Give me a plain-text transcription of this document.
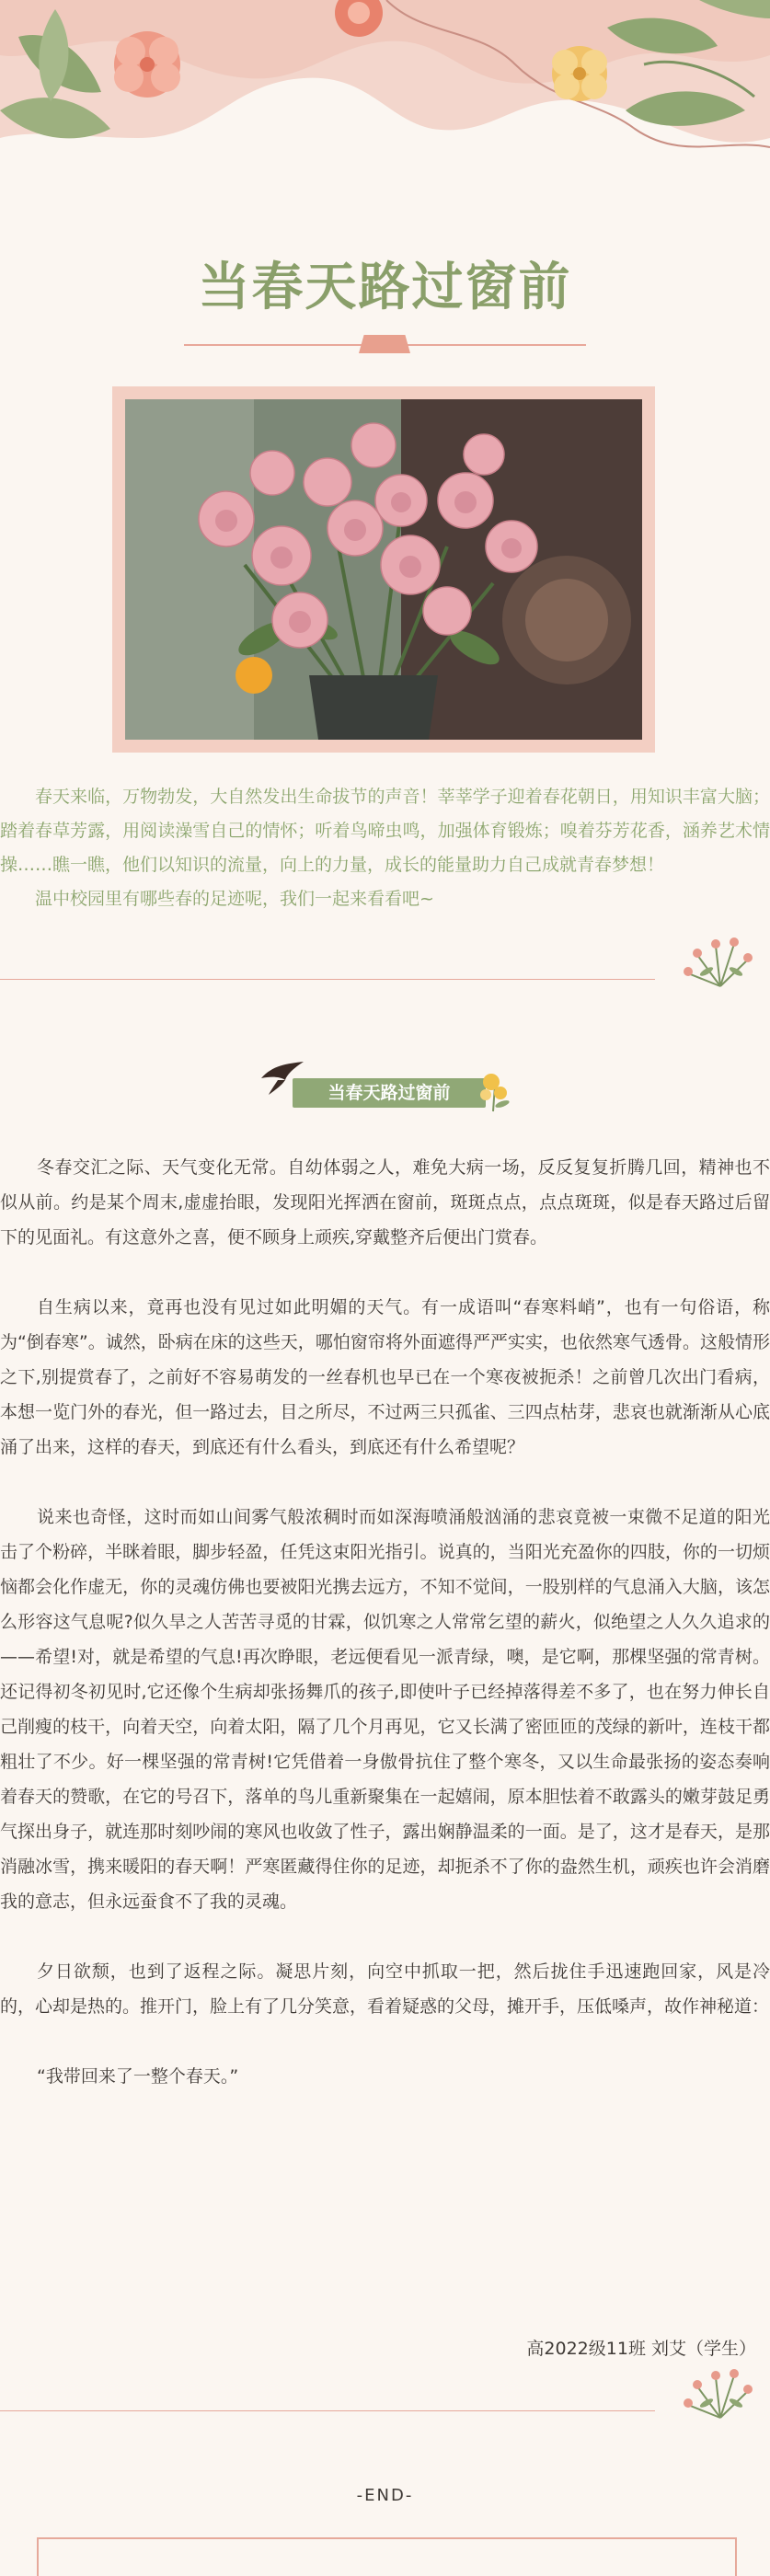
当春天路过窗前

春天来临，万物勃发，大自然发出生命拔节的声音！莘莘学子迎着春花朝日，用知识丰富大脑；踏着春草芳露，用阅读澡雪自己的情怀；听着鸟啼虫鸣，加强体育锻炼；嗅着芬芳花香，涵养艺术情操……瞧一瞧，他们以知识的流量，向上的力量，成长的能量助力自己成就青春梦想！

温中校园里有哪些春的足迹呢，我们一起来看看吧~

当春天路过窗前

冬春交汇之际、天气变化无常。自幼体弱之人，难免大病一场，反反复复折腾几回，精神也不似从前。约是某个周末,虚虚抬眼，发现阳光挥洒在窗前，斑斑点点，点点斑斑，似是春天路过后留下的见面礼。有这意外之喜，便不顾身上顽疾,穿戴整齐后便出门赏春。

自生病以来，竟再也没有见过如此明媚的天气。有一成语叫“春寒料峭”，也有一句俗语，称为“倒春寒”。诚然，卧病在床的这些天，哪怕窗帘将外面遮得严严实实，也依然寒气透骨。这般情形之下,别提赏春了，之前好不容易萌发的一丝春机也早已在一个寒夜被扼杀！之前曾几次出门看病，本想一览门外的春光，但一路过去，目之所尽，不过两三只孤雀、三四点枯芽，悲哀也就渐渐从心底涌了出来，这样的春天，到底还有什么看头，到底还有什么希望呢？

说来也奇怪，这时而如山间雾气般浓稠时而如深海喷涌般汹涌的悲哀竟被一束微不足道的阳光击了个粉碎，半眯着眼，脚步轻盈，任凭这束阳光指引。说真的，当阳光充盈你的四肢，你的一切烦恼都会化作虚无，你的灵魂仿佛也要被阳光携去远方，不知不觉间，一股别样的气息涌入大脑，该怎么形容这气息呢?似久旱之人苦苦寻觅的甘霖，似饥寒之人常常乞望的薪火，似绝望之人久久追求的——希望!对，就是希望的气息!再次睁眼，老远便看见一派青绿，噢，是它啊，那棵坚强的常青树。还记得初冬初见时,它还像个生病却张扬舞爪的孩子,即使叶子已经掉落得差不多了，也在努力伸长自己削瘦的枝干，向着天空，向着太阳，隔了几个月再见，它又长满了密匝匝的茂绿的新叶，连枝干都粗壮了不少。好一棵坚强的常青树!它凭借着一身傲骨抗住了整个寒冬，又以生命最张扬的姿态奏响着春天的赞歌，在它的号召下，落单的鸟儿重新聚集在一起嬉闹，原本胆怯着不敢露头的嫩芽鼓足勇气探出身子，就连那时刻吵闹的寒风也收敛了性子，露出娴静温柔的一面。是了，这才是春天，是那消融冰雪，携来暖阳的春天啊！严寒匿藏得住你的足迹，却扼杀不了你的盎然生机，顽疾也许会消磨我的意志，但永远蚕食不了我的灵魂。

夕日欲颓，也到了返程之际。凝思片刻，向空中抓取一把，然后拢住手迅速跑回家，风是冷的，心却是热的。推开门，脸上有了几分笑意，看着疑惑的父母，摊开手，压低嗓声，故作神秘道：

“我带回来了一整个春天。”

高2022级11班 刘艾（学生）
-END-
